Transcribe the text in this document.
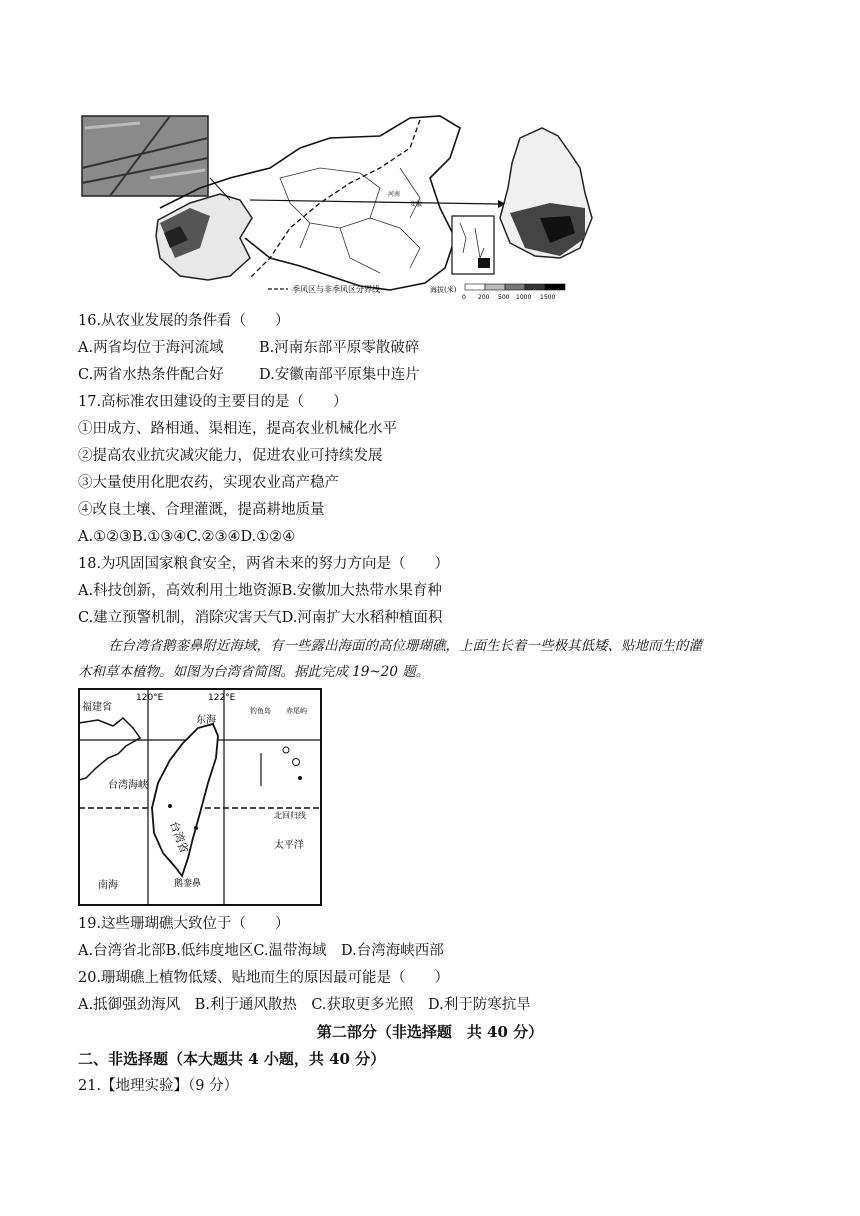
季风区与非季风区分界线	海拔(米)
0 200 500 1000 1500
河南
安徽
16.从农业发展的条件看（　　）
A.两省均位于海河流域 B.河南东部平原零散破碎
C.两省水热条件配合好 D.安徽南部平原集中连片
17.高标准农田建设的主要目的是（　　）
①田成方、路相通、渠相连，提高农业机械化水平
②提高农业抗灾减灾能力，促进农业可持续发展
③大量使用化肥农药，实现农业高产稳产
④改良土壤、合理灌溉，提高耕地质量
A.①②③B.①③④C.②③④D.①②④
18.为巩固国家粮食安全，两省未来的努力方向是（　　）
A.科技创新，高效利用土地资源B.安徽加大热带水果育种
C.建立预警机制，消除灾害天气D.河南扩大水稻种植面积
在台湾省鹅銮鼻附近海域，有一些露出海面的高位珊瑚礁，上面生长着一些极其低矮、贴地而生的灌
木和草本植物。如图为台湾省简图。据此完成 19~20 题。
120°E	122°E
福建省
东海
钓鱼岛 赤尾屿
台湾海峡
台湾省
北回归线
太平洋
南海	鹅銮鼻
19.这些珊瑚礁大致位于（　　）
A.台湾省北部B.低纬度地区C.温带海域　D.台湾海峡西部
20.珊瑚礁上植物低矮、贴地而生的原因最可能是（　　）
A.抵御强劲海风　B.利于通风散热　C.获取更多光照　D.利于防寒抗旱
第二部分（非选择题　共 40 分）
二、非选择题（本大题共 4 小题，共 40 分）
21.【地理实验】（9 分）
